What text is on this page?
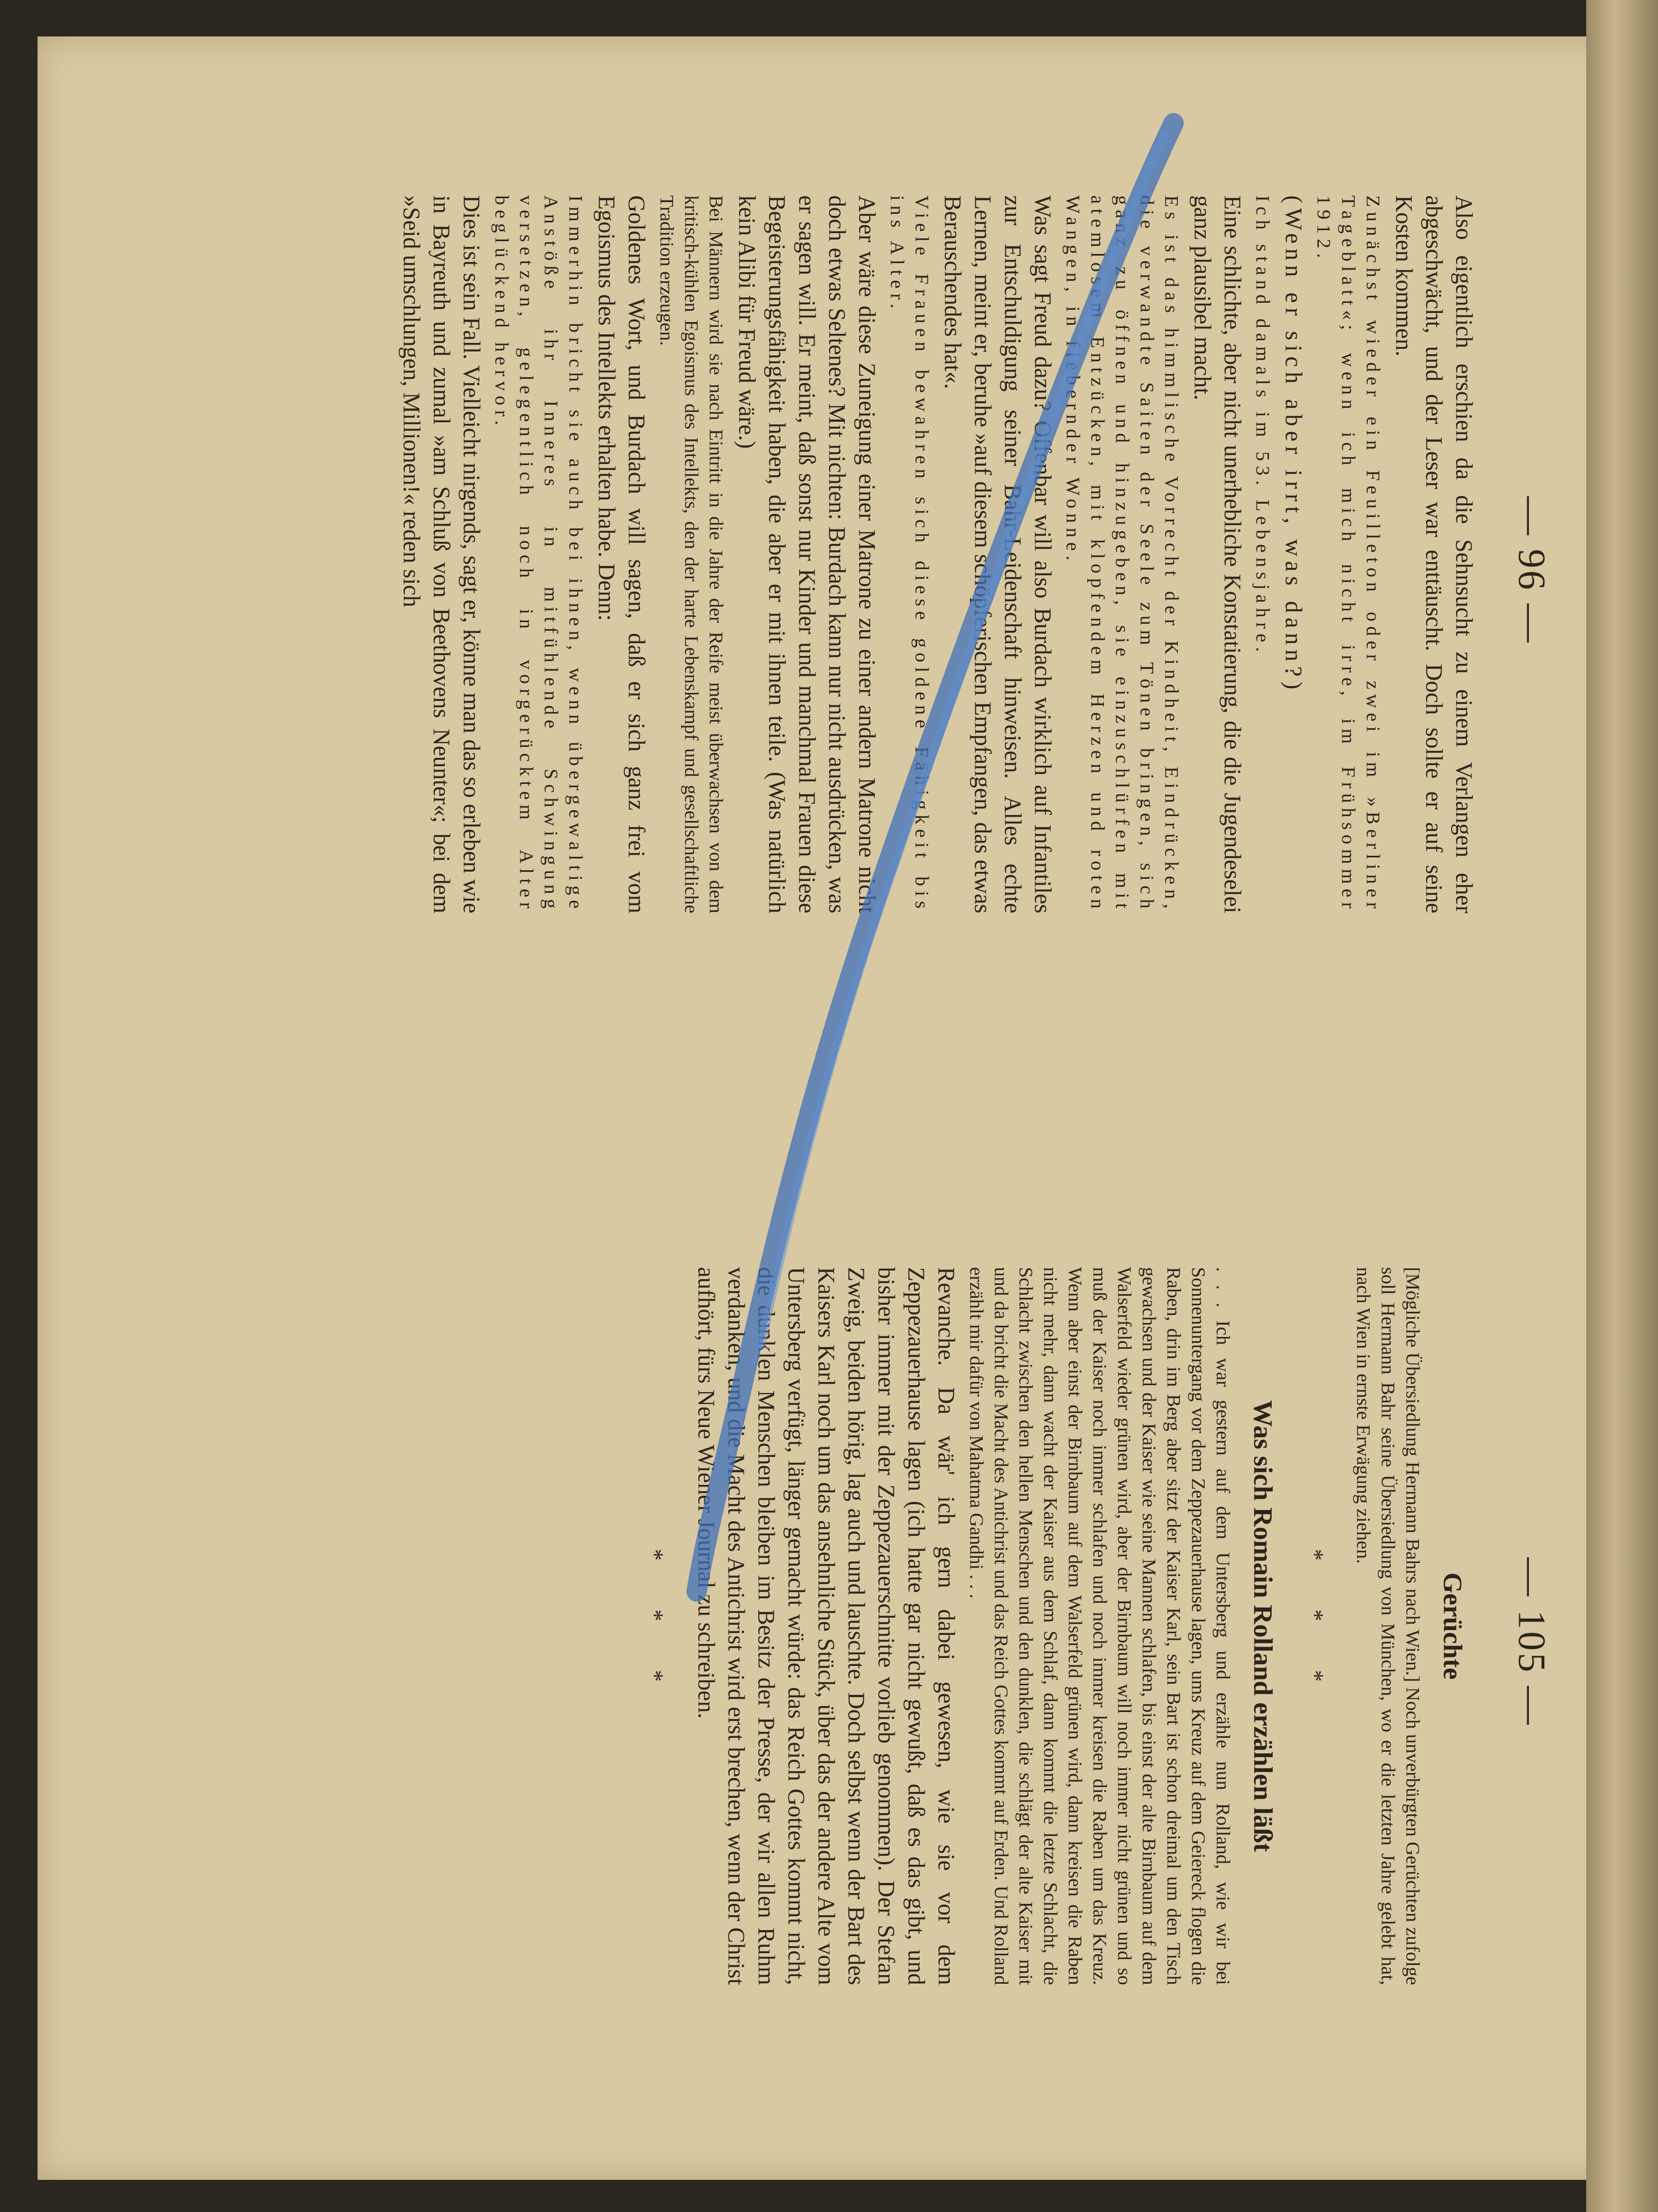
— 96 —

Also eigentlich erschien da die Sehnsucht zu einem Verlangen eher abgeschwächt, und der Leser war enttäuscht. Doch sollte er auf seine Kosten kommen.

Zunächst wieder ein Feuilleton oder zwei im »Berliner Tageblatt«; wenn ich mich nicht irre, im Frühsommer 1912.

(Wenn er sich aber irrt, was dann?)

Ich stand damals im 53. Lebensjahre.

Eine schlichte, aber nicht unerhebliche Konstatierung, die die Jugendeselei ganz plausibel macht.

Es ist das himmlische Vorrecht der Kindheit, Eindrücken, die verwandte Saiten der Seele zum Tönen bringen, sich ganz zu öffnen und hinzugeben, sie einzuschlürfen mit atemlosem Entzücken, mit klopfendem Herzen und roten Wangen, in fiebernder Wonne.

Was sagt Freud dazu? Offenbar will also Burdach wirklich auf Infantiles zur Entschuldigung seiner Bahr-Leidenschaft hinweisen. Alles echte Lernen, meint er, beruhe »auf diesem schöpferischen Empfangen, das etwas Berauschendes hat«.

Viele Frauen bewahren sich diese goldene Fähigkeit bis ins Alter.

Aber wäre diese Zuneigung einer Matrone zu einer andern Matrone nicht doch etwas Seltenes? Mit nichten: Burdach kann nur nicht ausdrücken, was er sagen will. Er meint, daß sonst nur Kinder und manchmal Frauen diese Begeisterungsfähigkeit haben, die aber er mit ihnen teile. (Was natürlich kein Alibi für Freud wäre.)

Bei Männern wird sie nach Eintritt in die Jahre der Reife meist überwachsen von dem kritisch-kühlen Egoismus des Intellekts, den der harte Lebenskampf und gesellschaftliche Tradition erzeugen.

Goldenes Wort, und Burdach will sagen, daß er sich ganz frei vom Egoismus des Intellekts erhalten habe. Denn:

Immerhin bricht sie auch bei ihnen, wenn übergewaltige Anstöße ihr Inneres in mitfühlende Schwingung versetzen, gelegentlich noch in vorgerücktem Alter beglückend hervor.

Dies ist sein Fall. Vielleicht nirgends, sagt er, könne man das so erleben wie in Bayreuth und zumal »am Schluß von Beethovens Neunter«; bei dem »Seid umschlungen, Millionen!« reden sich

— 105 —

Gerüchte

[Mögliche Übersiedlung Hermann Bahrs nach Wien.] Noch unverbürgten Gerüchten zufolge soll Hermann Bahr seine Übersiedlung von München, wo er die letzten Jahre gelebt hat, nach Wien in ernste Erwägung ziehen.

* * *

Was sich Romain Rolland erzählen läßt

. . . Ich war gestern auf dem Untersberg und erzähle nun Rolland, wie wir bei Sonnenuntergang vor dem Zeppezauerhause lagen, ums Kreuz auf dem Geiereck flogen die Raben, drin im Berg aber sitzt der Kaiser Karl, sein Bart ist schon dreimal um den Tisch gewachsen und der Kaiser wie seine Mannen schlafen, bis einst der alte Birnbaum auf dem Walserfeld wieder grünen wird, aber der Birnbaum will noch immer nicht grünen und so muß der Kaiser noch immer schlafen und noch immer kreisen die Raben um das Kreuz. Wenn aber einst der Birnbaum auf dem Walserfeld grünen wird, dann kreisen die Raben nicht mehr, dann wacht der Kaiser aus dem Schlaf, dann kommt die letzte Schlacht, die Schlacht zwischen den hellen Menschen und den dunklen, die schlägt der alte Kaiser mit und da bricht die Macht des Antichrist und das Reich Gottes kommt auf Erden. Und Rolland erzählt mir dafür von Mahatma Gandhi . . .

Revanche. Da wär' ich gern dabei gewesen, wie sie vor dem Zeppezauerhause lagen (ich hatte gar nicht gewußt, daß es das gibt, und bisher immer mit der Zeppezauerschnitte vorlieb genommen). Der Stefan Zweig, beiden hörig, lag auch und lauschte. Doch selbst wenn der Bart des Kaisers Karl noch um das ansehnliche Stück, über das der andere Alte vom Untersberg verfügt, länger gemacht würde: das Reich Gottes kommt nicht, die dunklen Menschen bleiben im Besitz der Presse, der wir allen Ruhm verdanken, und die Macht des Antichrist wird erst brechen, wenn der Christ aufhört, fürs Neue Wiener Journal zu schreiben.

* * *
